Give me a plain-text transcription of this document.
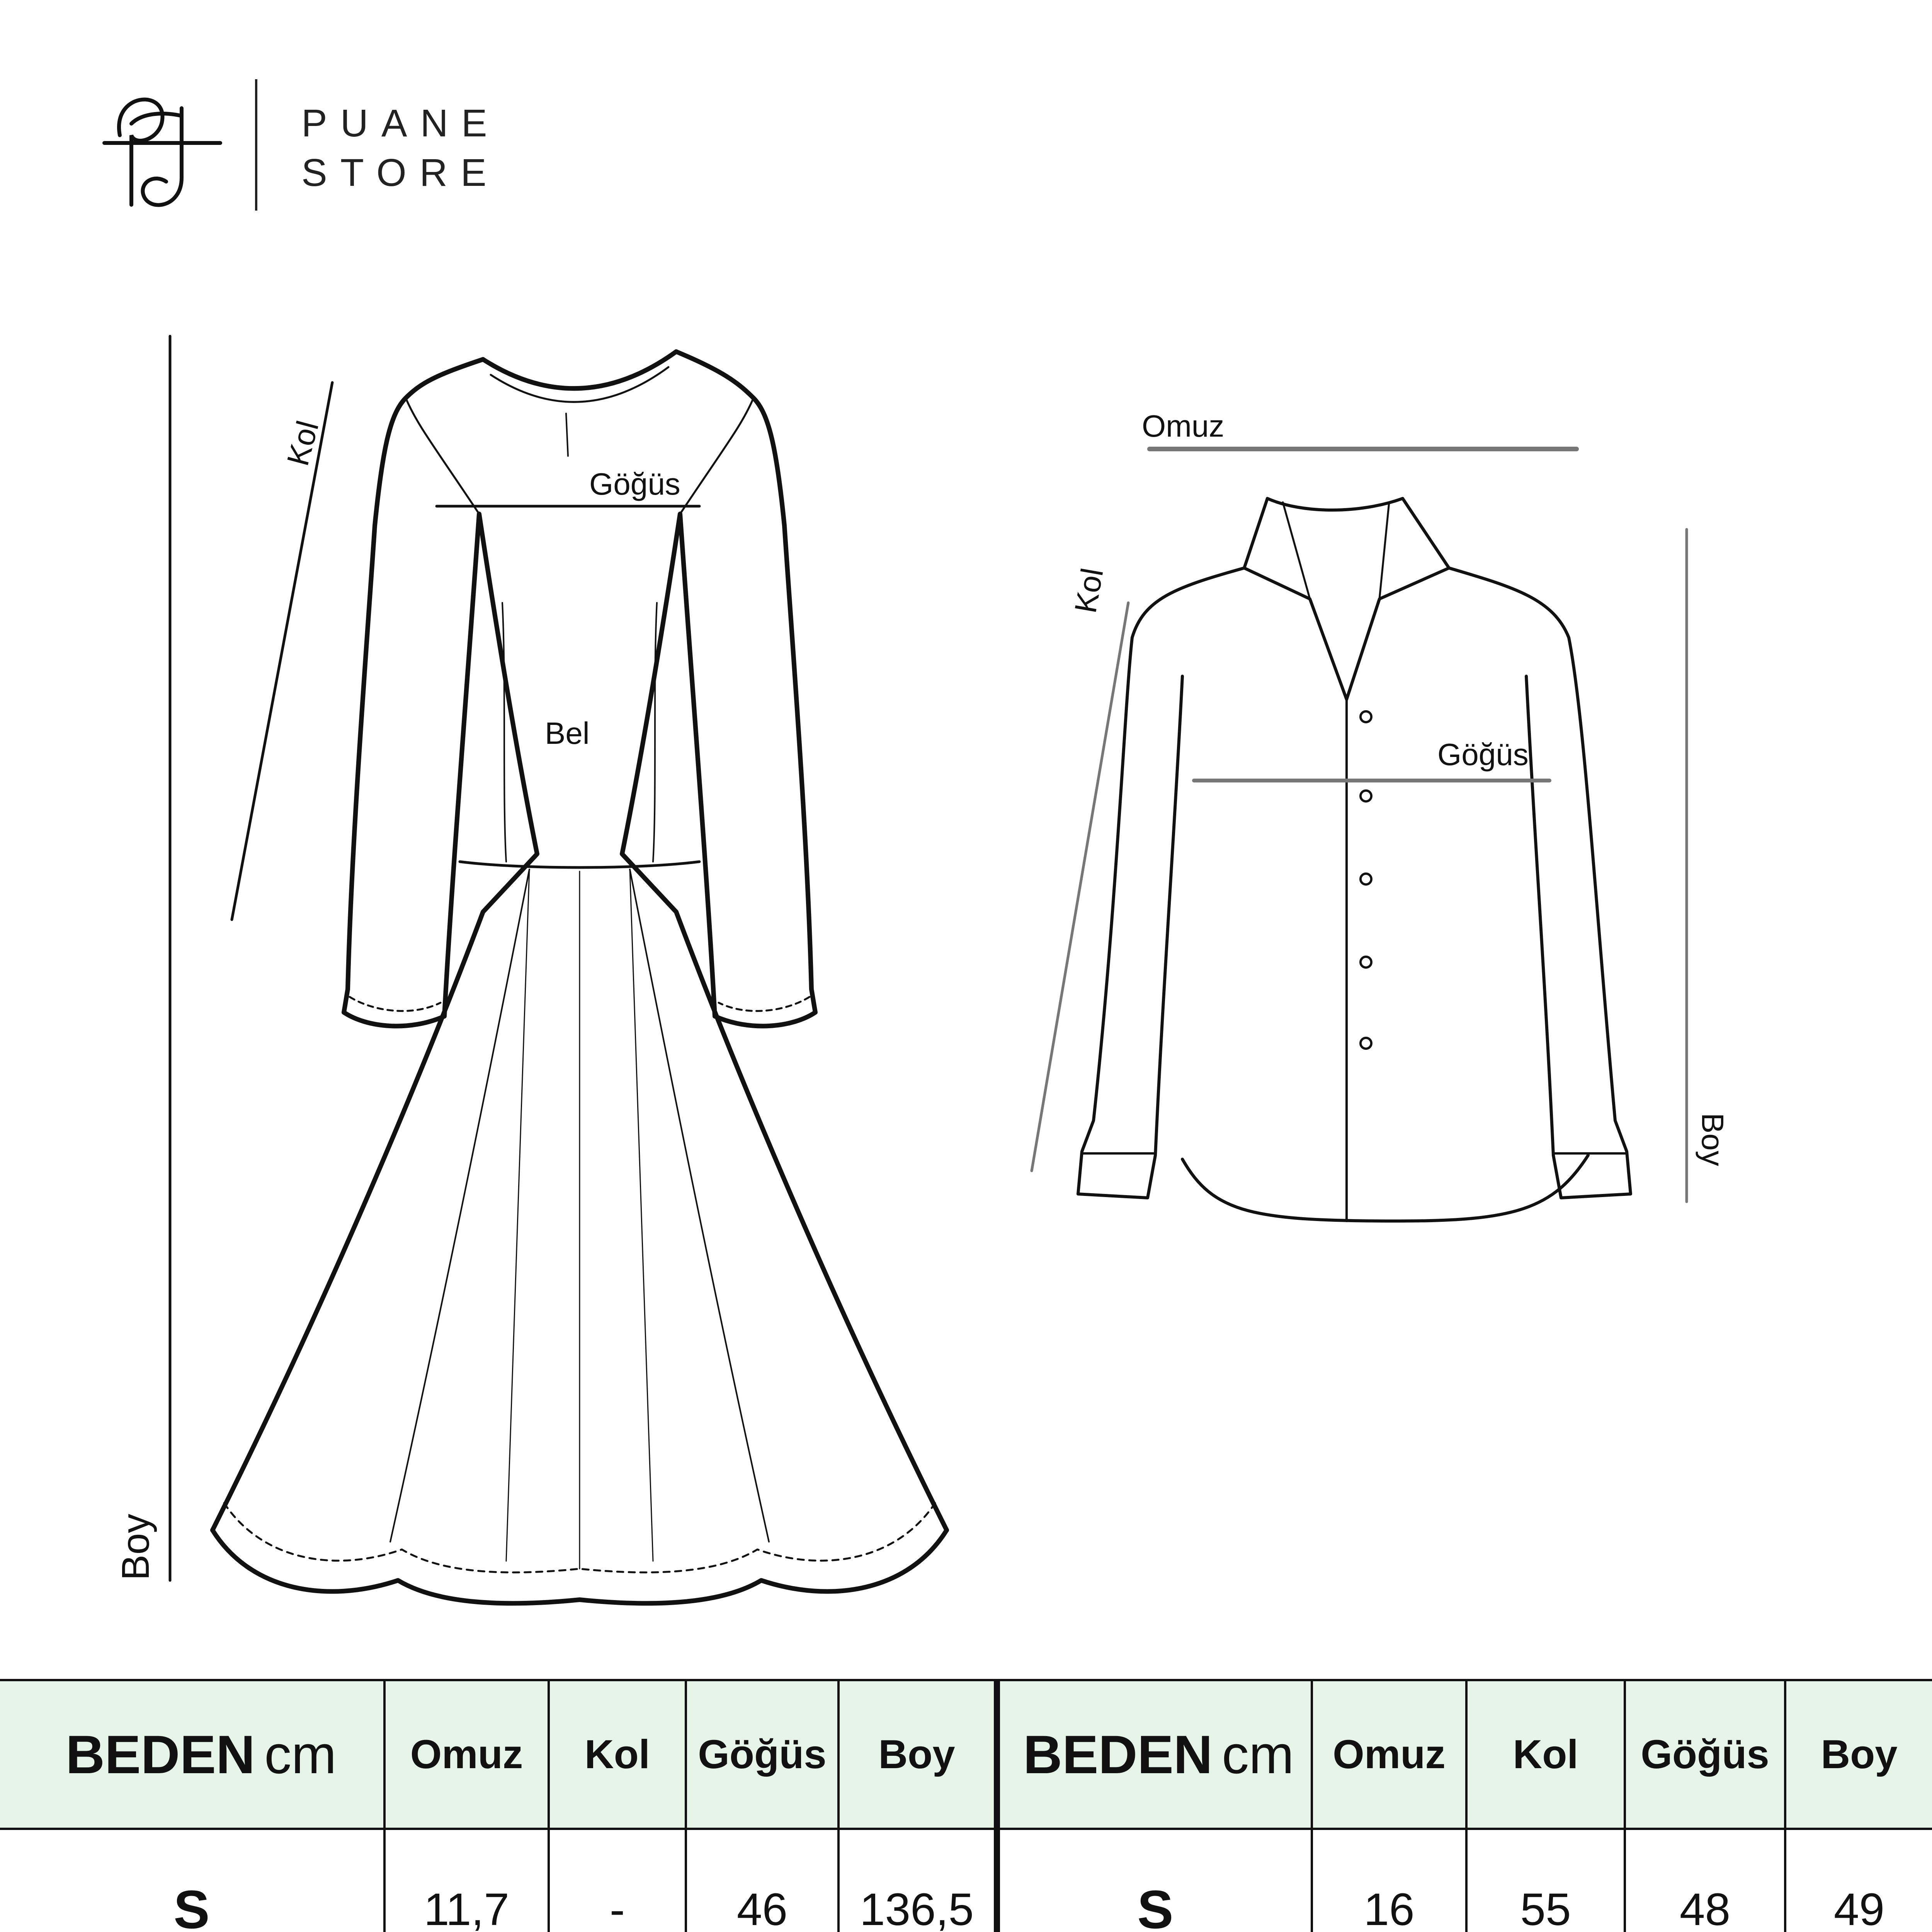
PUANE
STORE
Kol
Göğüs
Bel
Boy
Omuz
Kol
Göğüs
Boy
BEDEN cm	Omuz	Kol	Göğüs	Boy	BEDEN cm	Omuz	Kol	Göğüs	Boy
S	11,7	-	46	136,5	S	16	55	48	49
